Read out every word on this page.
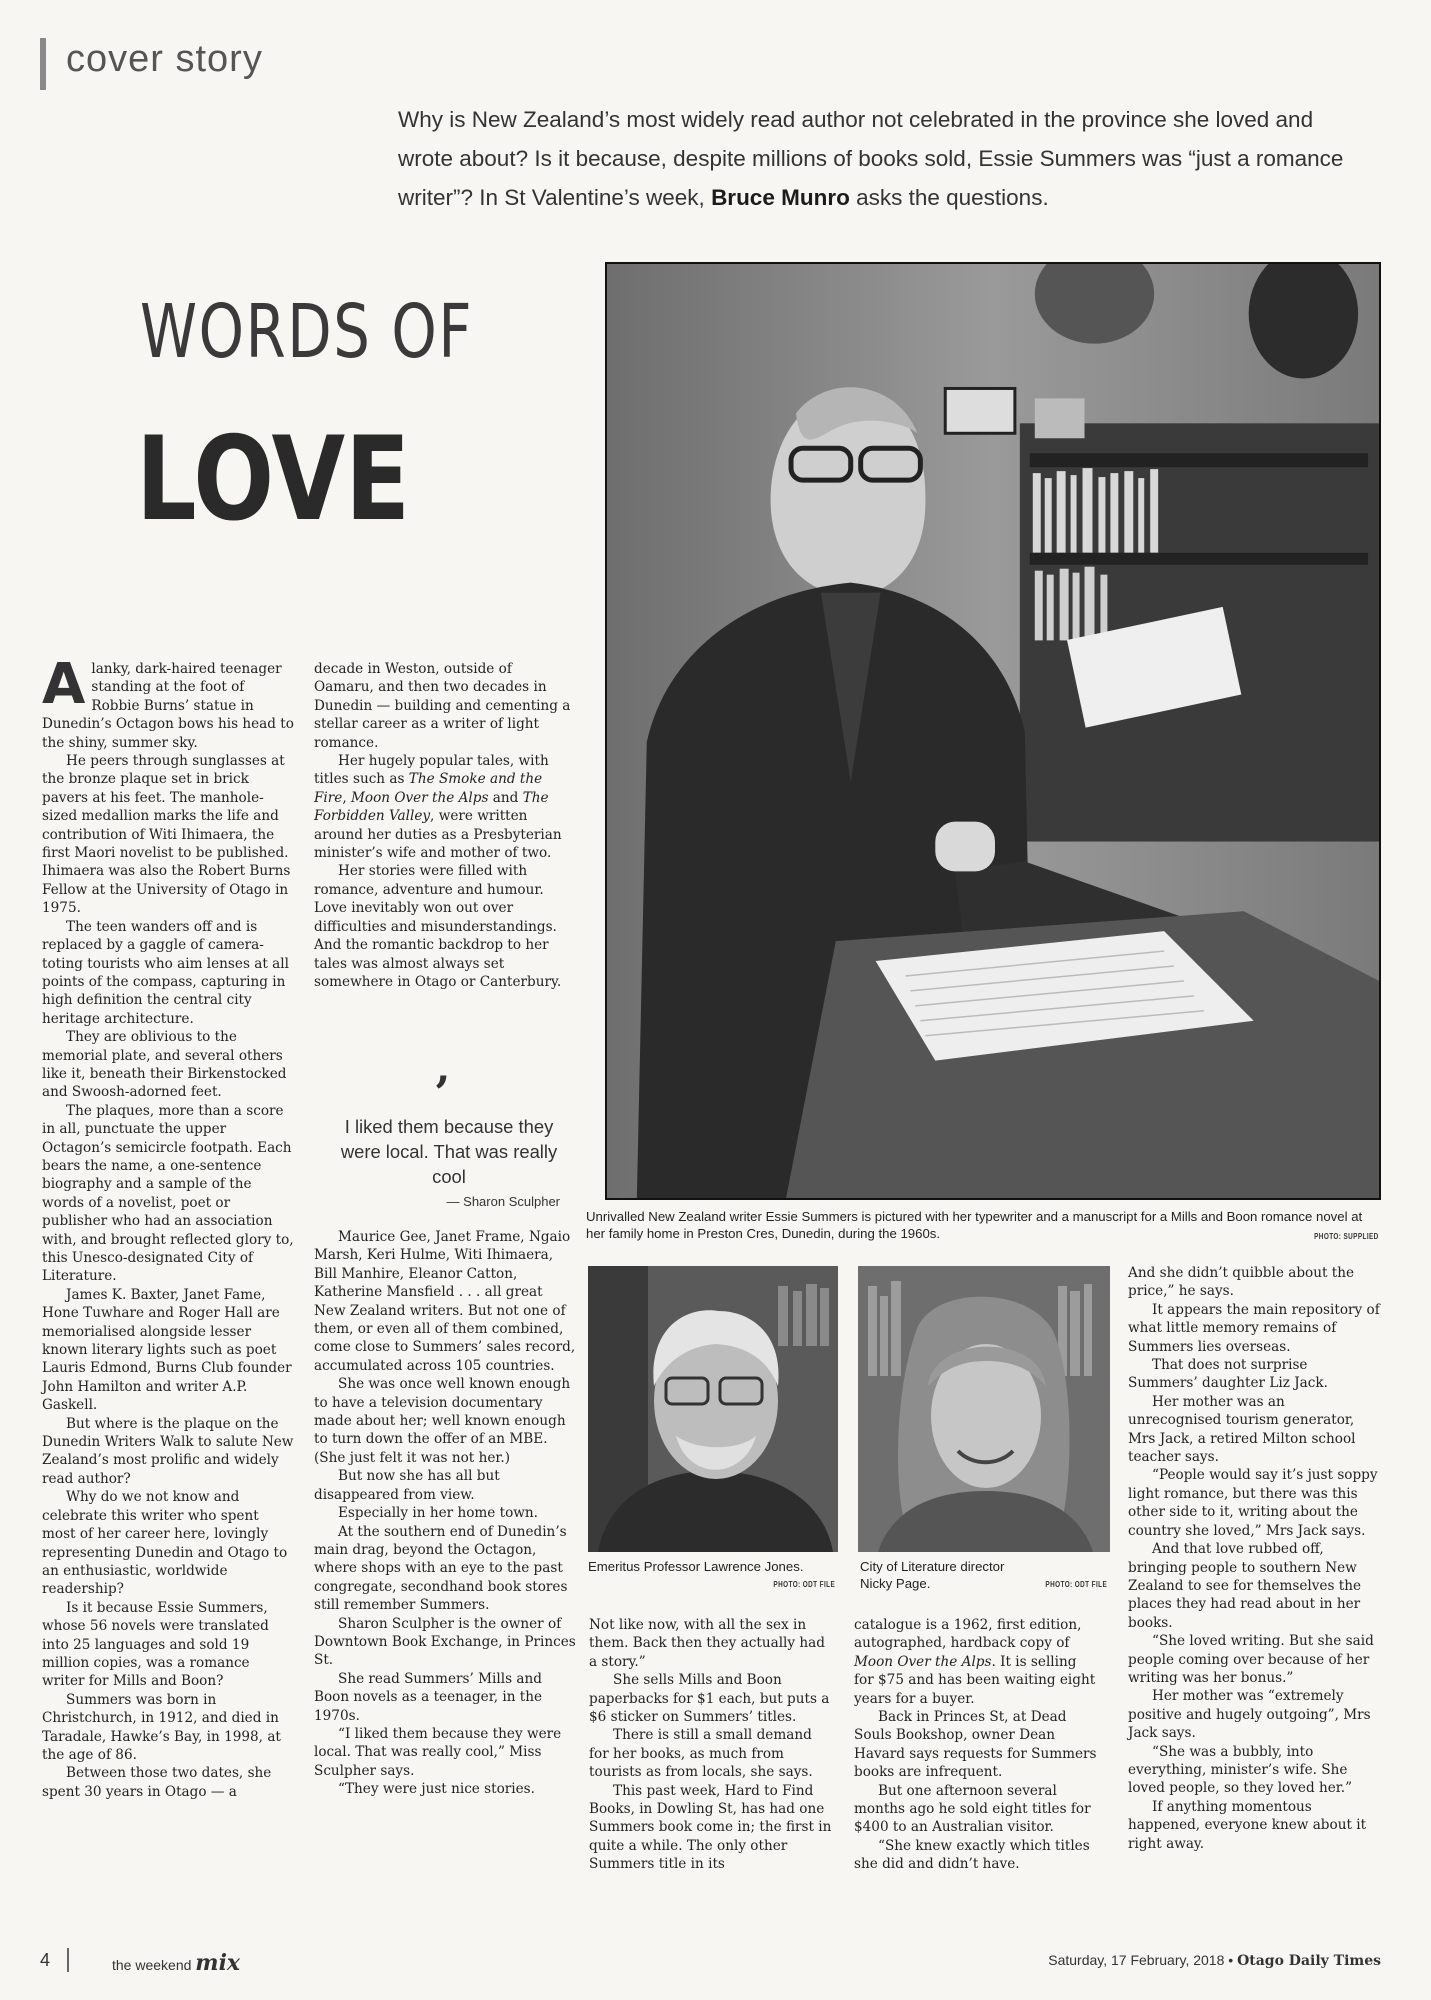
cover story
Why is New Zealand’s most widely read author not celebrated in the province she loved and wrote about? Is it because, despite millions of books sold, Essie Summers was “just a romance writer”? In St Valentine’s week, Bruce Munro asks the questions.
WORDS OF
LOVE
A lanky, dark-haired teenager standing at the foot of Robbie Burns’ statue in Dunedin’s Octagon bows his head to the shiny, summer sky.

He peers through sunglasses at the bronze plaque set in brick pavers at his feet. The manhole-sized medallion marks the life and contribution of Witi Ihimaera, the first Maori novelist to be published. Ihimaera was also the Robert Burns Fellow at the University of Otago in 1975.

The teen wanders off and is replaced by a gaggle of camera-toting tourists who aim lenses at all points of the compass, capturing in high definition the central city heritage architecture.

They are oblivious to the memorial plate, and several others like it, beneath their Birkenstocked and Swoosh-adorned feet.

The plaques, more than a score in all, punctuate the upper Octagon’s semicircle footpath. Each bears the name, a one-sentence biography and a sample of the words of a novelist, poet or publisher who had an association with, and brought reflected glory to, this Unesco-designated City of Literature.

James K. Baxter, Janet Fame, Hone Tuwhare and Roger Hall are memorialised alongside lesser known literary lights such as poet Lauris Edmond, Burns Club founder John Hamilton and writer A.P. Gaskell.

But where is the plaque on the Dunedin Writers Walk to salute New Zealand’s most prolific and widely read author?

Why do we not know and celebrate this writer who spent most of her career here, lovingly representing Dunedin and Otago to an enthusiastic, worldwide readership?

Is it because Essie Summers, whose 56 novels were translated into 25 languages and sold 19 million copies, was a romance writer for Mills and Boon?

Summers was born in Christchurch, in 1912, and died in Taradale, Hawke’s Bay, in 1998, at the age of 86.

Between those two dates, she spent 30 years in Otago — a

decade in Weston, outside of Oamaru, and then two decades in Dunedin — building and cementing a stellar career as a writer of light romance.

Her hugely popular tales, with titles such as The Smoke and the Fire, Moon Over the Alps and The Forbidden Valley, were written around her duties as a Presbyterian minister’s wife and mother of two.

Her stories were filled with romance, adventure and humour. Love inevitably won out over difficulties and misunderstandings. And the romantic backdrop to her tales was almost always set somewhere in Otago or Canterbury.

’
I liked them because they were local. That was really cool
— Sharon Sculpher

Maurice Gee, Janet Frame, Ngaio Marsh, Keri Hulme, Witi Ihimaera, Bill Manhire, Eleanor Catton, Katherine Mansfield . . . all great New Zealand writers. But not one of them, or even all of them combined, come close to Summers’ sales record, accumulated across 105 countries.

She was once well known enough to have a television documentary made about her; well known enough to turn down the offer of an MBE. (She just felt it was not her.)

But now she has all but disappeared from view.

Especially in her home town.

At the southern end of Dunedin’s main drag, beyond the Octagon, where shops with an eye to the past congregate, secondhand book stores still remember Summers.

Sharon Sculpher is the owner of Downtown Book Exchange, in Princes St.

She read Summers’ Mills and Boon novels as a teenager, in the 1970s.

“I liked them because they were local. That was really cool,” Miss Sculpher says.

“They were just nice stories.

Unrivalled New Zealand writer Essie Summers is pictured with her typewriter and a manuscript for a Mills and Boon romance novel at her family home in Preston Cres, Dunedin, during the 1960s.	PHOTO: SUPPLIED
Emeritus Professor Lawrence Jones.
PHOTO: ODT FILE
City of Literature director
Nicky Page.	PHOTO: ODT FILE

Not like now, with all the sex in them. Back then they actually had a story.”

She sells Mills and Boon paperbacks for $1 each, but puts a $6 sticker on Summers’ titles.

There is still a small demand for her books, as much from tourists as from locals, she says.

This past week, Hard to Find Books, in Dowling St, has had one Summers book come in; the first in quite a while. The only other Summers title in its

catalogue is a 1962, first edition, autographed, hardback copy of Moon Over the Alps. It is selling for $75 and has been waiting eight years for a buyer.

Back in Princes St, at Dead Souls Bookshop, owner Dean Havard says requests for Summers books are infrequent.

But one afternoon several months ago he sold eight titles for $400 to an Australian visitor.

“She knew exactly which titles she did and didn’t have.

And she didn’t quibble about the price,” he says.

It appears the main repository of what little memory remains of Summers lies overseas.

That does not surprise Summers’ daughter Liz Jack.

Her mother was an unrecognised tourism generator, Mrs Jack, a retired Milton school teacher says.

“People would say it’s just soppy light romance, but there was this other side to it, writing about the country she loved,” Mrs Jack says.

And that love rubbed off, bringing people to southern New Zealand to see for themselves the places they had read about in her books.

“She loved writing. But she said people coming over because of her writing was her bonus.”

Her mother was “extremely positive and hugely outgoing”, Mrs Jack says.

“She was a bubbly, into everything, minister’s wife. She loved people, so they loved her.”

If anything momentous happened, everyone knew about it right away.

4	the weekend mix	Saturday, 17 February, 2018 • Otago Daily Times
